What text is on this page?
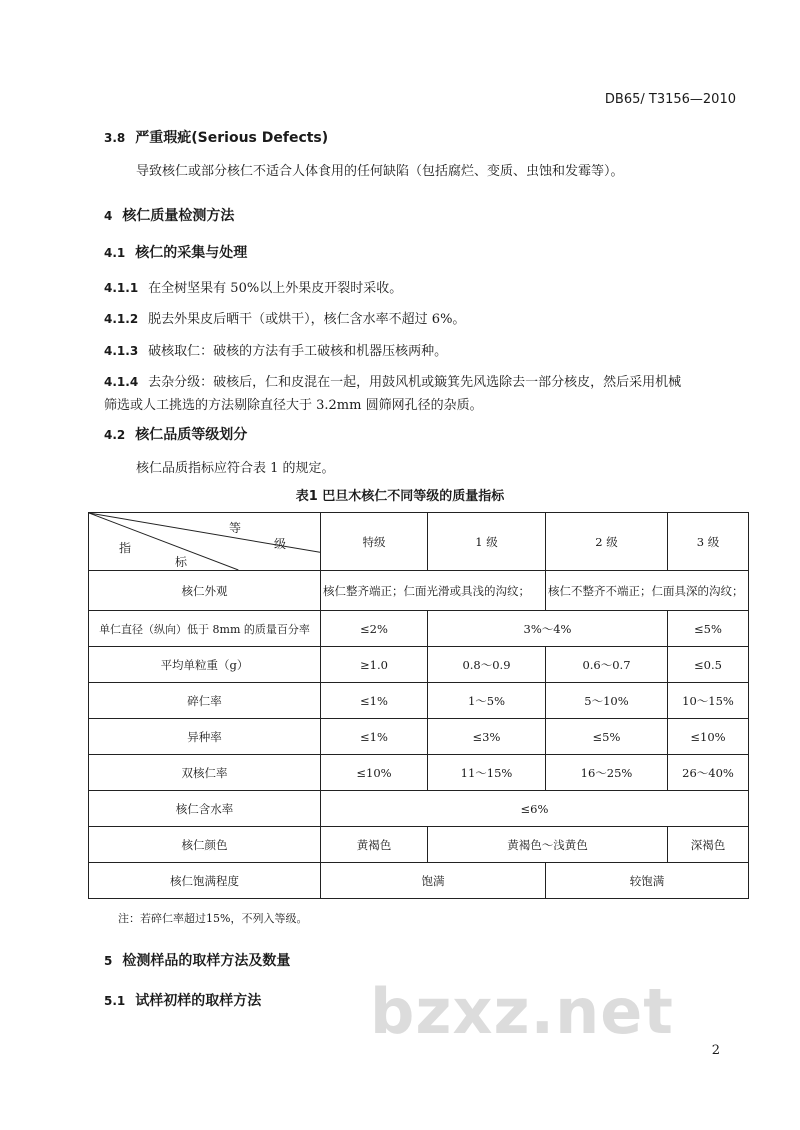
DB65/ T3156—2010
3.8 严重瑕疵(Serious Defects)
导致核仁或部分核仁不适合人体食用的任何缺陷（包括腐烂、变质、虫蚀和发霉等）。
4 核仁质量检测方法
4.1 核仁的采集与处理
4.1.1 在全树坚果有 50%以上外果皮开裂时采收。
4.1.2 脱去外果皮后晒干（或烘干），核仁含水率不超过 6%。
4.1.3 破核取仁：破核的方法有手工破核和机器压核两种。
4.1.4 去杂分级：破核后，仁和皮混在一起，用鼓风机或簸箕先风选除去一部分核皮，然后采用机械
筛选或人工挑选的方法剔除直径大于 3.2mm 圆筛网孔径的杂质。
4.2 核仁品质等级划分
核仁品质指标应符合表 1 的规定。
表1 巴旦木核仁不同等级的质量指标
等
级
指
标	特级	1 级	2 级	3 级
核仁外观	核仁整齐端正；仁面光滑或具浅的沟纹；		核仁不整齐不端正；仁面具深的沟纹；	
单仁直径（纵向）低于 8mm 的质量百分率	≤2%	3%～4%		≤5%
平均单粒重（g）	≥1.0	0.8～0.9	0.6～0.7	≤0.5
碎仁率	≤1%	1～5%	5～10%	10～15%
异种率	≤1%	≤3%	≤5%	≤10%
双核仁率	≤10%	11～15%	16～25%	26～40%
核仁含水率	≤6%			
核仁颜色	黄褐色	黄褐色～浅黄色		深褐色
核仁饱满程度	饱满		较饱满	
注：若碎仁率超过15%，不列入等级。
5 检测样品的取样方法及数量
5.1 试样初样的取样方法 bzxz.net
2
